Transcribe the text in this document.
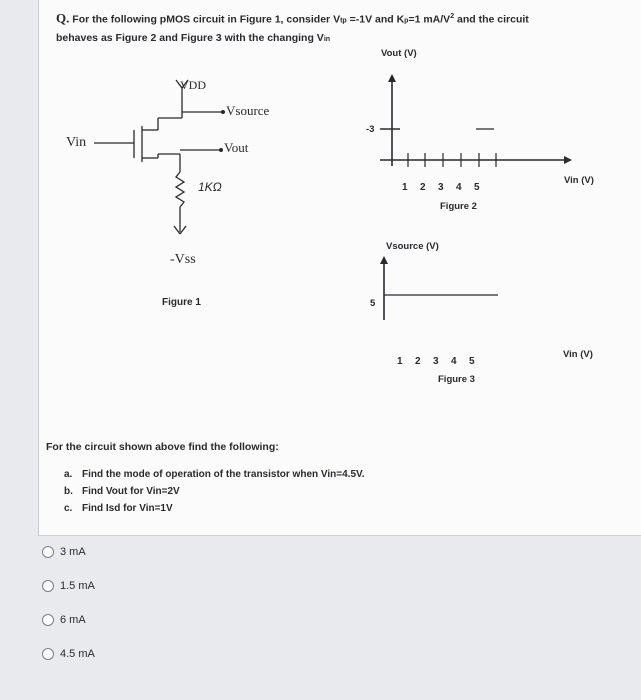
Q. For the following pMOS circuit in Figure 1, consider Vtp =-1V and Kp=1 $mA/V^2$ and the circuit
behaves as Figure 2 and Figure 3 with the changing Vin
VDD
Vsource
Vout
Vin
1KΩ
-Vss
Figure 1
Vout (V)
-3
1 2 3 4 5
Vin (V)
Figure 2
Vsource (V)
5
1 2 3 4 5
Vin (V)
Figure 3
For the circuit shown above find the following:
a. Find the mode of operation of the transistor when Vin=4.5V.
b. Find Vout for Vin=2V
c. Find Isd for Vin=1V
3 mA
1.5 mA
6 mA
4.5 mA
